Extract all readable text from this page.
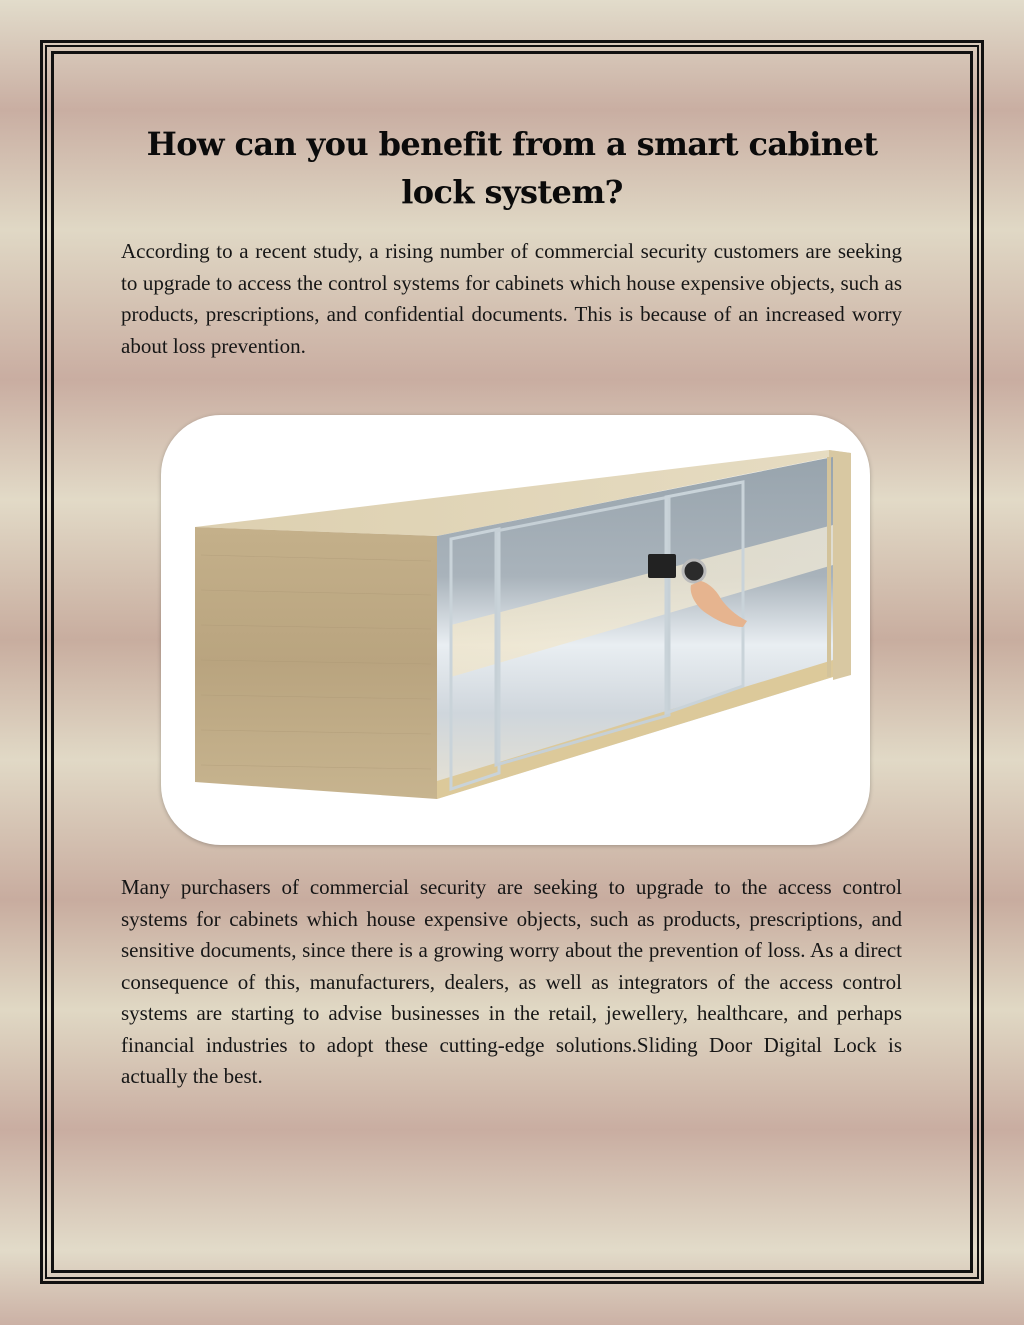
How can you benefit from a smart cabinet lock system?

According to a recent study, a rising number of commercial security customers are seeking to upgrade to access the control systems for cabinets which house expensive objects, such as products, prescriptions, and confidential documents. This is because of an increased worry about loss prevention.

Many purchasers of commercial security are seeking to upgrade to the access control systems for cabinets which house expensive objects, such as products, prescriptions, and sensitive documents, since there is a growing worry about the prevention of loss. As a direct consequence of this, manufacturers, dealers, as well as integrators of the access control systems are starting to advise businesses in the retail, jewellery, healthcare, and perhaps financial industries to adopt these cutting-edge solutions.Sliding Door Digital Lock is actually the best.
